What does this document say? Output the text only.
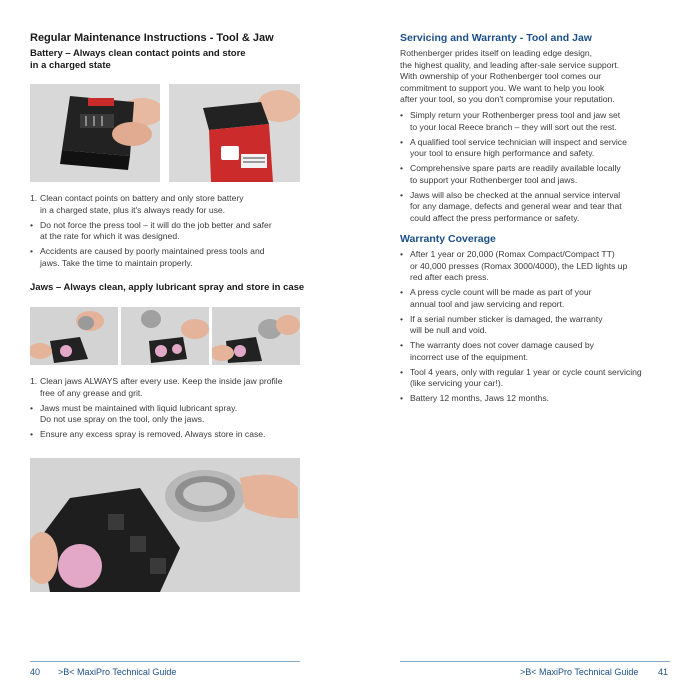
Regular Maintenance Instructions - Tool & Jaw
Battery – Always clean contact points and store
in a charged state
1. Clean contact points on battery and only store battery
in a charged state, plus it's always ready for use.
• Do not force the press tool – it will do the job better and safer
at the rate for which it was designed.
• Accidents are caused by poorly maintained press tools and
jaws. Take the time to maintain properly.
Jaws – Always clean, apply lubricant spray and store in case
1. Clean jaws ALWAYS after every use. Keep the inside jaw profile
free of any grease and grit.
• Jaws must be maintained with liquid lubricant spray.
Do not use spray on the tool, only the jaws.
• Ensure any excess spray is removed. Always store in case.
40 >B< MaxiPro Technical Guide
Servicing and Warranty - Tool and Jaw
Rothenberger prides itself on leading edge design,
the highest quality, and leading after-sale service support.
With ownership of your Rothenberger tool comes our
commitment to support you. We want to help you look
after your tool, so you don't compromise your reputation.
• Simply return your Rothenberger press tool and jaw set
to your local Reece branch – they will sort out the rest.
• A qualified tool service technician will inspect and service
your tool to ensure high performance and safety.
• Comprehensive spare parts are readily available locally
to support your Rothenberger tool and jaws.
• Jaws will also be checked at the annual service interval
for any damage, defects and general wear and tear that
could affect the press performance or safety.
Warranty Coverage
• After 1 year or 20,000 (Romax Compact/Compact TT)
or 40,000 presses (Romax 3000/4000), the LED lights up
red after each press.
• A press cycle count will be made as part of your
annual tool and jaw servicing and report.
• If a serial number sticker is damaged, the warranty
will be null and void.
• The warranty does not cover damage caused by
incorrect use of the equipment.
• Tool 4 years, only with regular 1 year or cycle count servicing
(like servicing your car!).
• Battery 12 months, Jaws 12 months.
>B< MaxiPro Technical Guide 41
